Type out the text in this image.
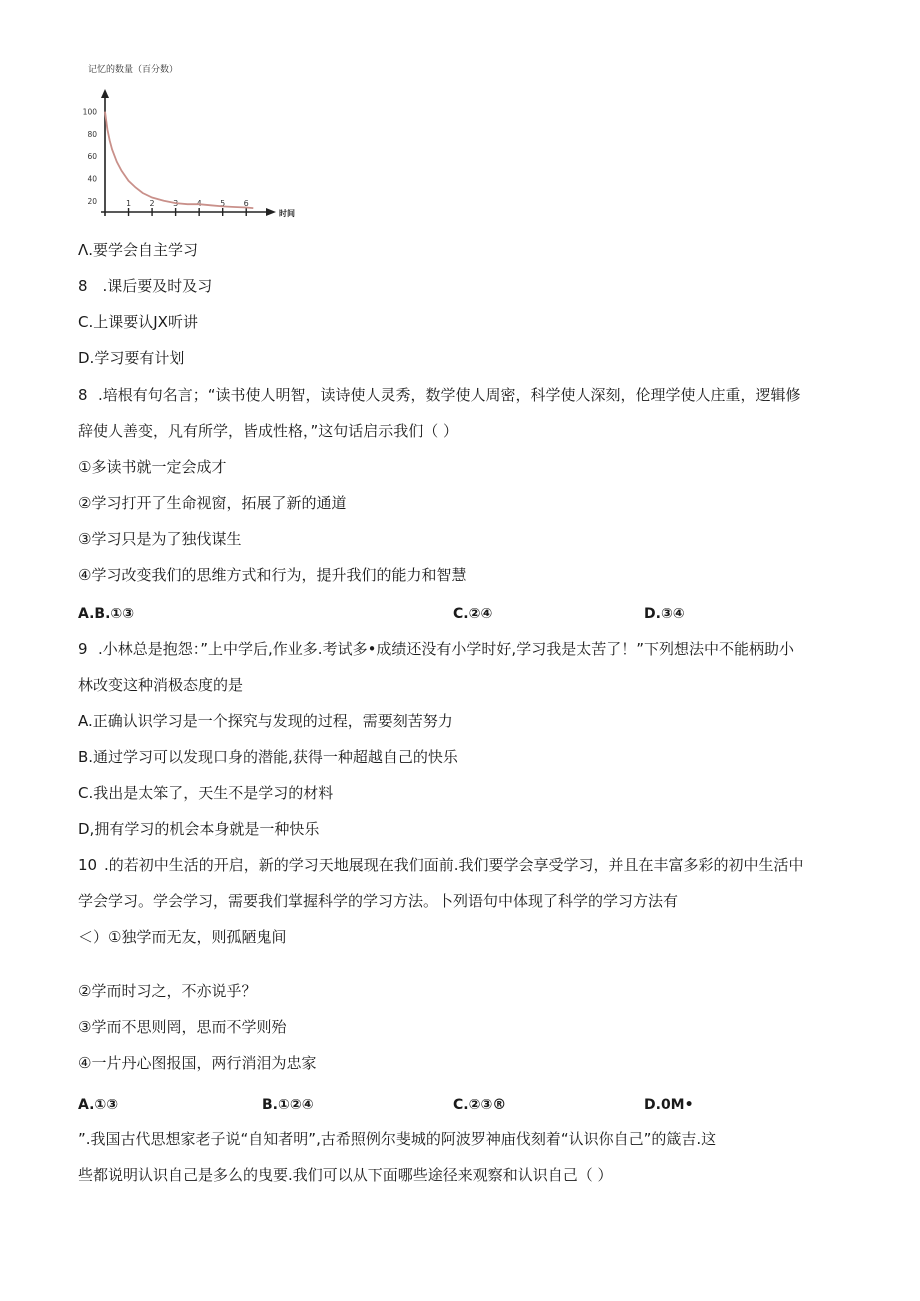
记忆的数量（百分数）
时间
1 2 3 4 5 6
100
80
60
40
20
Λ.要学会自主学习
8　.课后要及时及习
C.上课要认JX听讲
D.学习要有计划
8 .培根有句名言；“读书使人明智，读诗使人灵秀，数学使人周密，科学使人深刻，伦理学使人庄重，逻辑修
辞使人善变，凡有所学，皆成性格，”这句话启示我们（ ）
①多读书就一定会成才
②学习打开了生命视窗，拓展了新的通道
③学习只是为了独伐谋生
④学习改变我们的思维方式和行为，提升我们的能力和智慧
A.B.①③	C.②④	D.③④
9 .小林总是抱怨：”上中学后,作业多.考试多•成绩还没有小学时好,学习我是太苦了！”下列想法中不能柄助小
林改变这种消极态度的是
A.正确认识学习是一个探究与发现的过程，需要刻苦努力
B.通过学习可以发现口身的潜能,获得一种超越自己的快乐
C.我出是太笨了，天生不是学习的材料
D,拥有学习的机会本身就是一种快乐
10 .的若初中生活的开启，新的学习天地展现在我们面前.我们要学会享受学习，并且在丰富多彩的初中生活中
学会学习。学会学习，需要我们掌握科学的学习方法。卜列语句中体现了科学的学习方法有
＜）①独学而无友，则孤陋鬼间
②学而时习之，不亦说乎？
③学而不思则罔，思而不学则殆
④一片丹心图报国，两行消泪为忠家
A.①③	B.①②④	C.②③®	D.0M•
”.我国古代思想家老子说“自知者明”,古希照例尔斐城的阿波罗神庙伐刻着“认识你自己”的箴吉.这
些都说明认识自己是多么的曳要.我们可以从下面哪些途径来观察和认识自己（ ）
